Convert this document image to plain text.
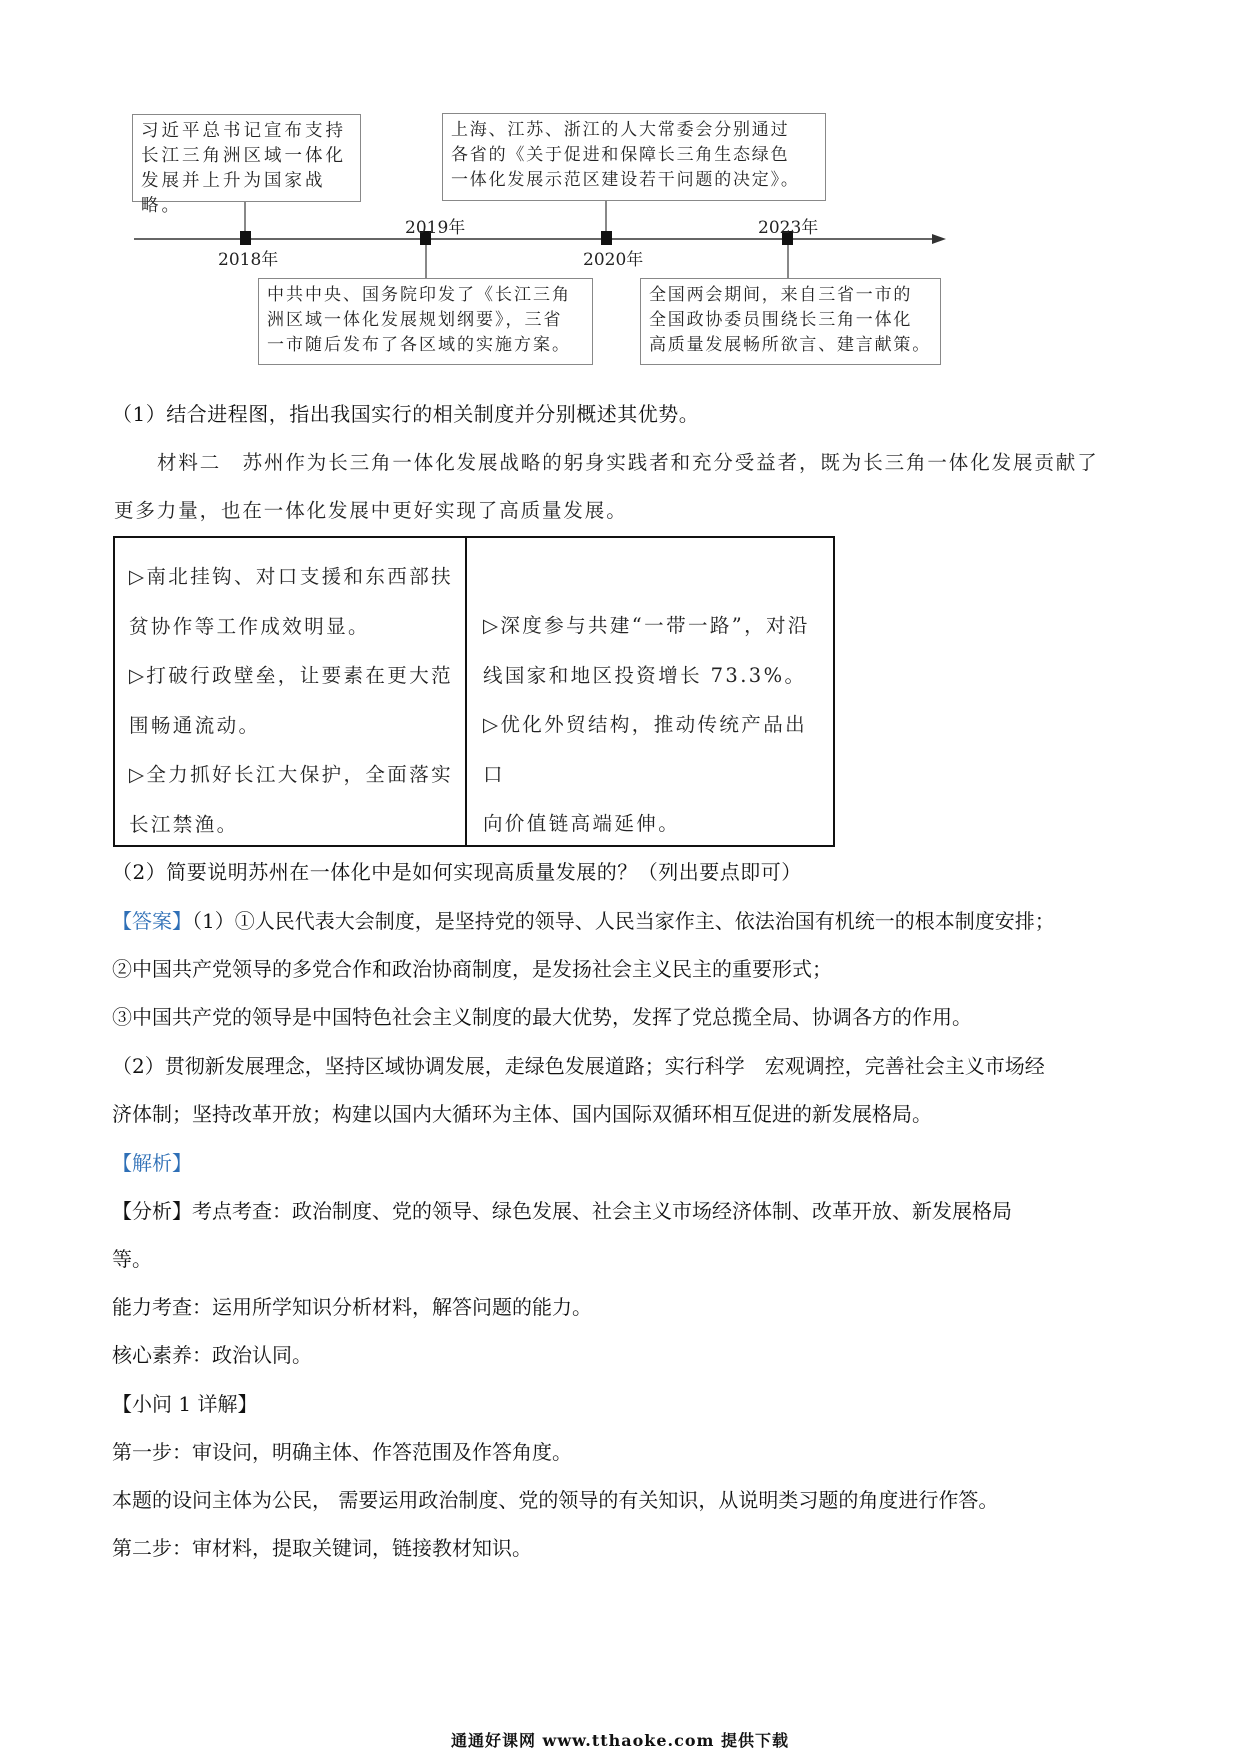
2018年
2019年
2020年
2023年
习近平总书记宣布支持
长江三角洲区域一体化
发展并上升为国家战略。
中共中央、国务院印发了《长江三角
洲区域一体化发展规划纲要》，三省
一市随后发布了各区域的实施方案。
上海、江苏、浙江的人大常委会分别通过
各省的《关于促进和保障长三角生态绿色
一体化发展示范区建设若干问题的决定》。
全国两会期间，来自三省一市的
全国政协委员围绕长三角一体化
高质量发展畅所欲言、建言献策。
（1）结合进程图，指出我国实行的相关制度并分别概述其优势。
材料二　苏州作为长三角一体化发展战略的躬身实践者和充分受益者，既为长三角一体化发展贡献了
更多力量，也在一体化发展中更好实现了高质量发展。
▷南北挂钩、对口支援和东西部扶
贫协作等工作成效明显。
▷打破行政壁垒，让要素在更大范
围畅通流动。
▷全力抓好长江大保护，全面落实
长江禁渔。
▷深度参与共建“一带一路”，对沿
线国家和地区投资增长 73.3%。
▷优化外贸结构，推动传统产品出口
向价值链高端延伸。
（2）简要说明苏州在一体化中是如何实现高质量发展的？（列出要点即可）
【答案】（1）①人民代表大会制度，是坚持党的领导、人民当家作主、依法治国有机统一的根本制度安排；
②中国共产党领导的多党合作和政治协商制度，是发扬社会主义民主的重要形式；
③中国共产党的领导是中国特色社会主义制度的最大优势，发挥了党总揽全局、协调各方的作用。
（2）贯彻新发展理念，坚持区域协调发展，走绿色发展道路；实行科学　宏观调控，完善社会主义市场经
济体制；坚持改革开放；构建以国内大循环为主体、国内国际双循环相互促进的新发展格局。
【解析】
【分析】考点考查：政治制度、党的领导、绿色发展、社会主义市场经济体制、改革开放、新发展格局
等。
能力考查：运用所学知识分析材料，解答问题的能力。
核心素养：政治认同。
【小问 1 详解】
第一步：审设问，明确主体、作答范围及作答角度。
本题的设问主体为公民， 需要运用政治制度、党的领导的有关知识，从说明类习题的角度进行作答。
第二步：审材料，提取关键词，链接教材知识。
通通好课网 www.tthaoke.com 提供下载
